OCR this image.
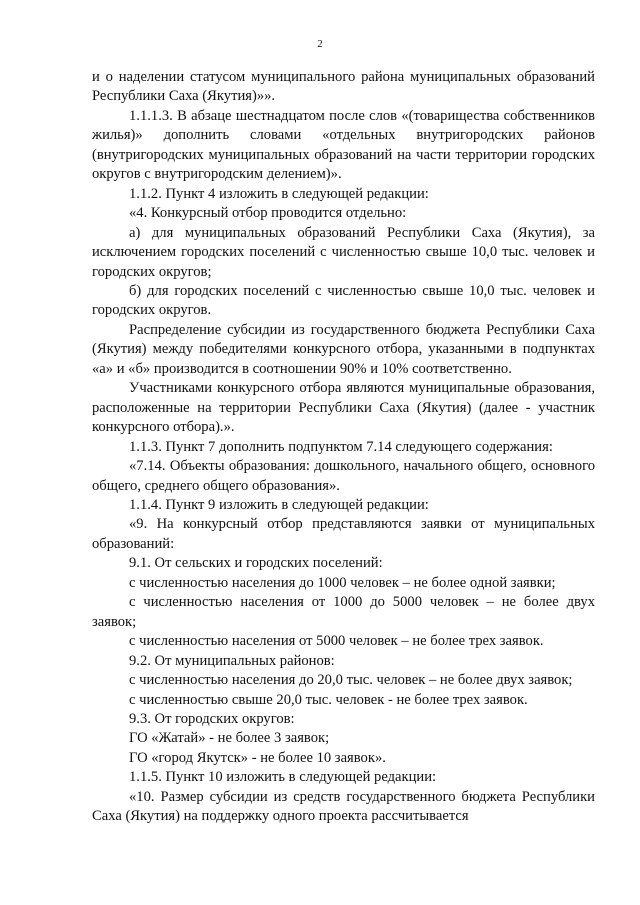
2

и о наделении статусом муниципального района муниципальных образований Республики Саха (Якутия)»».

1.1.1.3. В абзаце шестнадцатом после слов «(товарищества собственников жилья)» дополнить словами «отдельных внутригородских районов (внутригородских муниципальных образований на части территории городских округов с внутригородским делением)».

1.1.2. Пункт 4 изложить в следующей редакции:

«4. Конкурсный отбор проводится отдельно:

а) для муниципальных образований Республики Саха (Якутия), за исключением городских поселений с численностью свыше 10,0 тыс. человек и городских округов;

б) для городских поселений с численностью свыше 10,0 тыс. человек и городских округов.

Распределение субсидии из государственного бюджета Республики Саха (Якутия) между победителями конкурсного отбора, указанными в подпунктах «а» и «б» производится в соотношении 90% и 10% соответственно.

Участниками конкурсного отбора являются муниципальные образования, расположенные на территории Республики Саха (Якутия) (далее - участник конкурсного отбора).».

1.1.3. Пункт 7 дополнить подпунктом 7.14 следующего содержания:

«7.14. Объекты образования: дошкольного, начального общего, основного общего, среднего общего образования».

1.1.4. Пункт 9 изложить в следующей редакции:

«9. На конкурсный отбор представляются заявки от муниципальных образований:

9.1. От сельских и городских поселений:

с численностью населения до 1000 человек – не более одной заявки;

с численностью населения от 1000 до 5000 человек – не более двух заявок;

с численностью населения от 5000 человек – не более трех заявок.

9.2. От муниципальных районов:

с численностью населения до 20,0 тыс. человек – не более двух заявок;

с численностью свыше 20,0 тыс. человек - не более трех заявок.

9.3. От городских округов:

ГО «Жатай» - не более 3 заявок;

ГО «город Якутск» - не более 10 заявок».

1.1.5. Пункт 10 изложить в следующей редакции:

«10. Размер субсидии из средств государственного бюджета Республики Саха (Якутия) на поддержку одного проекта рассчитывается
